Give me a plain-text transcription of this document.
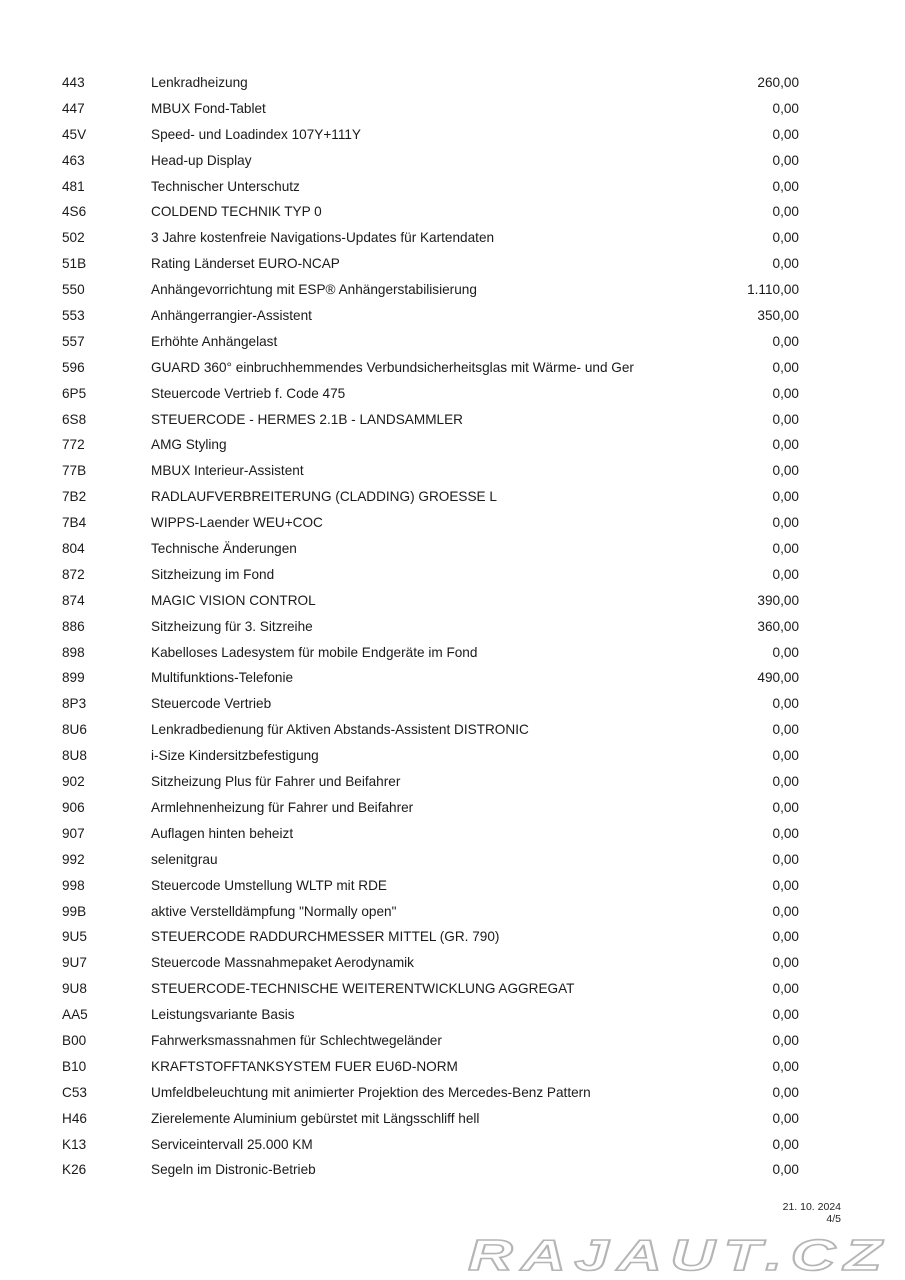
443	Lenkradheizung	260,00
447	MBUX Fond-Tablet	0,00
45V	Speed- und Loadindex 107Y+111Y	0,00
463	Head-up Display	0,00
481	Technischer Unterschutz	0,00
4S6	COLDEND TECHNIK TYP 0	0,00
502	3 Jahre kostenfreie Navigations-Updates für Kartendaten	0,00
51B	Rating Länderset EURO-NCAP	0,00
550	Anhängevorrichtung mit ESP® Anhängerstabilisierung	1.110,00
553	Anhängerrangier-Assistent	350,00
557	Erhöhte Anhängelast	0,00
596	GUARD 360° einbruchhemmendes Verbundsicherheitsglas mit Wärme- und Ger	0,00
6P5	Steuercode Vertrieb f. Code 475	0,00
6S8	STEUERCODE - HERMES 2.1B - LANDSAMMLER	0,00
772	AMG Styling	0,00
77B	MBUX Interieur-Assistent	0,00
7B2	RADLAUFVERBREITERUNG (CLADDING) GROESSE L	0,00
7B4	WIPPS-Laender WEU+COC	0,00
804	Technische Änderungen	0,00
872	Sitzheizung im Fond	0,00
874	MAGIC VISION CONTROL	390,00
886	Sitzheizung für 3. Sitzreihe	360,00
898	Kabelloses Ladesystem für mobile Endgeräte im Fond	0,00
899	Multifunktions-Telefonie	490,00
8P3	Steuercode Vertrieb	0,00
8U6	Lenkradbedienung für Aktiven Abstands-Assistent DISTRONIC	0,00
8U8	i-Size Kindersitzbefestigung	0,00
902	Sitzheizung Plus für Fahrer und Beifahrer	0,00
906	Armlehnenheizung für Fahrer und Beifahrer	0,00
907	Auflagen hinten beheizt	0,00
992	selenitgrau	0,00
998	Steuercode Umstellung WLTP mit RDE	0,00
99B	aktive Verstelldämpfung "Normally open"	0,00
9U5	STEUERCODE RADDURCHMESSER MITTEL (GR. 790)	0,00
9U7	Steuercode Massnahmepaket Aerodynamik	0,00
9U8	STEUERCODE-TECHNISCHE WEITERENTWICKLUNG AGGREGAT	0,00
AA5	Leistungsvariante Basis	0,00
B00	Fahrwerksmassnahmen für Schlechtwegeländer	0,00
B10	KRAFTSTOFFTANKSYSTEM FUER EU6D-NORM	0,00
C53	Umfeldbeleuchtung mit animierter Projektion des Mercedes-Benz Pattern	0,00
H46	Zierelemente Aluminium gebürstet mit Längsschliff hell	0,00
K13	Serviceintervall 25.000 KM	0,00
K26	Segeln im Distronic-Betrieb	0,00
21. 10. 2024
4/5
RAJAUT.CZ
